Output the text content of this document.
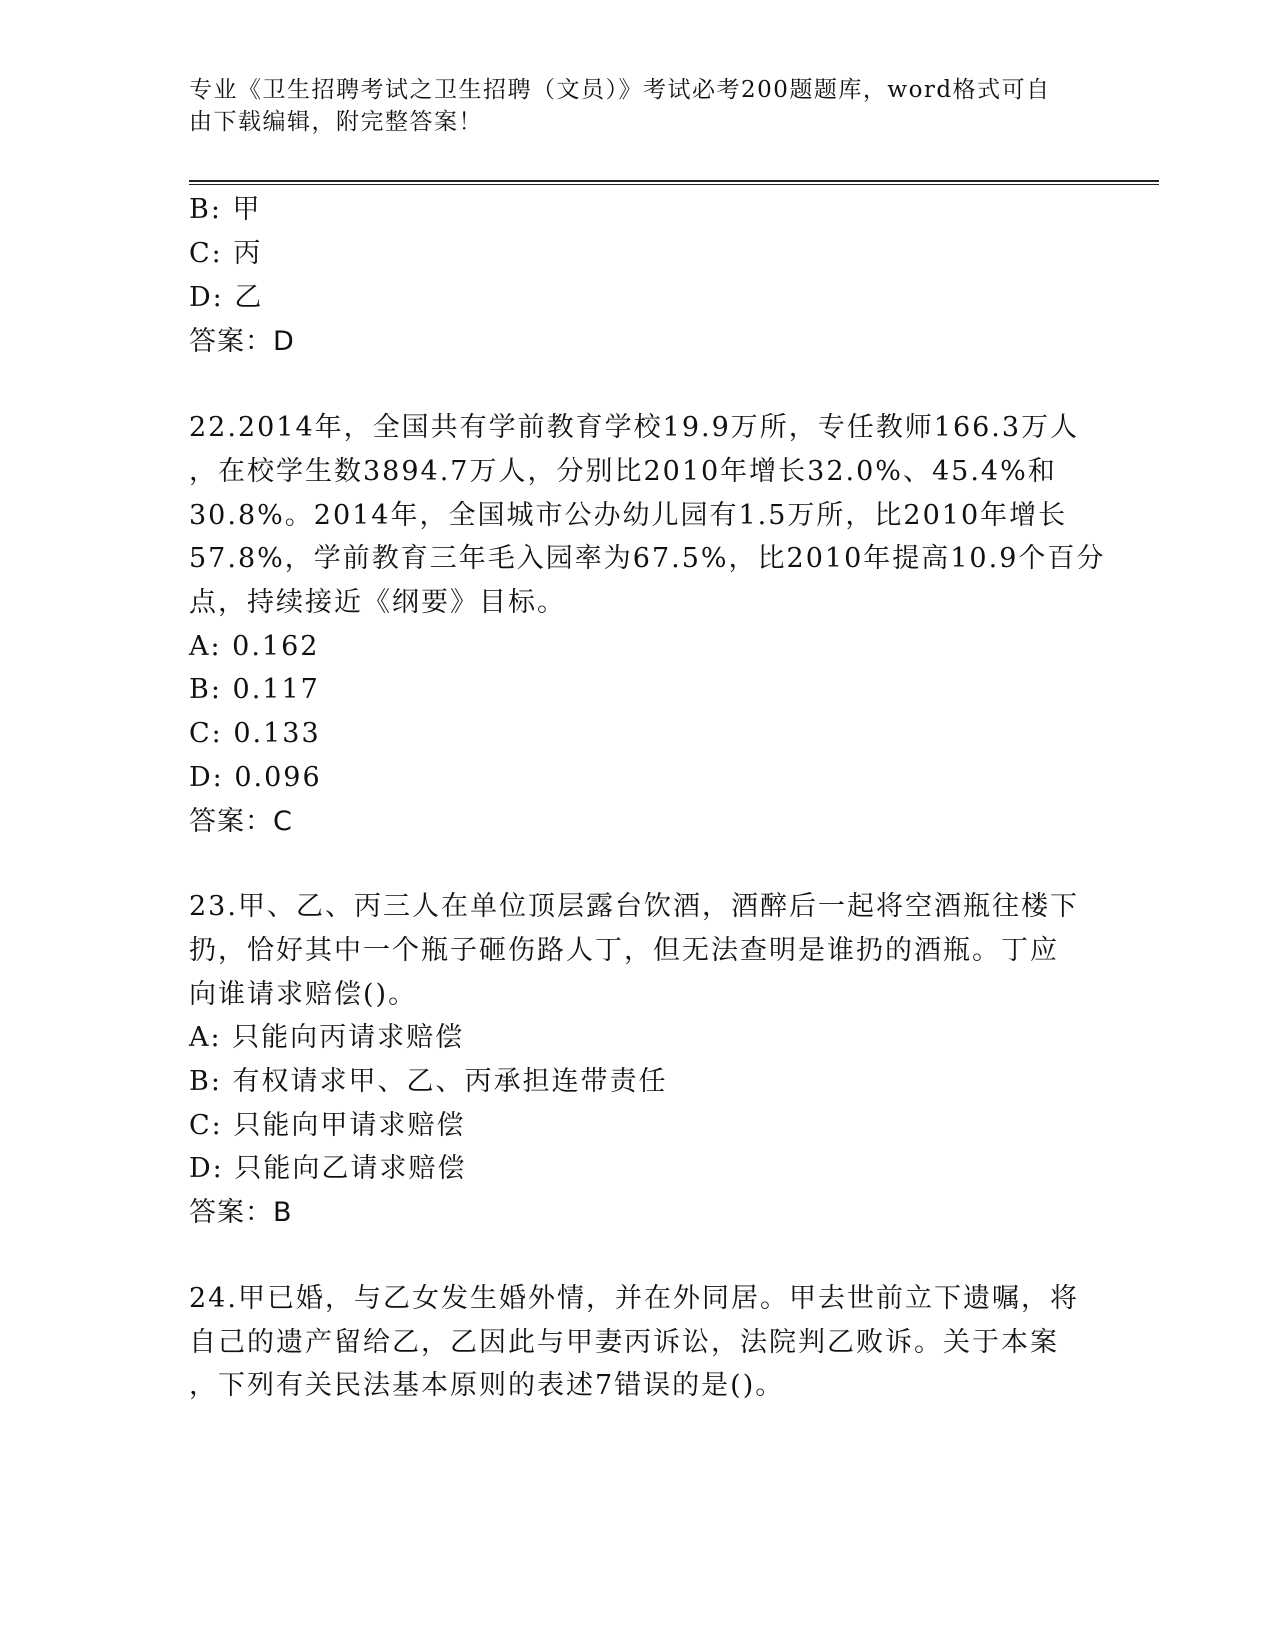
专业《卫生招聘考试之卫生招聘（文员）》考试必考200题题库，word格式可自
由下载编辑，附完整答案！
B: 甲
C: 丙
D: 乙
答案：D
22.2014年，全国共有学前教育学校19.9万所，专任教师166.3万人
，在校学生数3894.7万人，分别比2010年增长32.0%、45.4%和
30.8%。2014年，全国城市公办幼儿园有1.5万所，比2010年增长
57.8%，学前教育三年毛入园率为67.5%，比2010年提高10.9个百分
点，持续接近《纲要》目标。
A: 0.162
B: 0.117
C: 0.133
D: 0.096
答案：C
23.甲、乙、丙三人在单位顶层露台饮酒，酒醉后一起将空酒瓶往楼下
扔，恰好其中一个瓶子砸伤路人丁，但无法查明是谁扔的酒瓶。丁应
向谁请求赔偿()。
A: 只能向丙请求赔偿
B: 有权请求甲、乙、丙承担连带责任
C: 只能向甲请求赔偿
D: 只能向乙请求赔偿
答案：B
24.甲已婚，与乙女发生婚外情，并在外同居。甲去世前立下遗嘱，将
自己的遗产留给乙，乙因此与甲妻丙诉讼，法院判乙败诉。关于本案
，下列有关民法基本原则的表述7错误的是()。
